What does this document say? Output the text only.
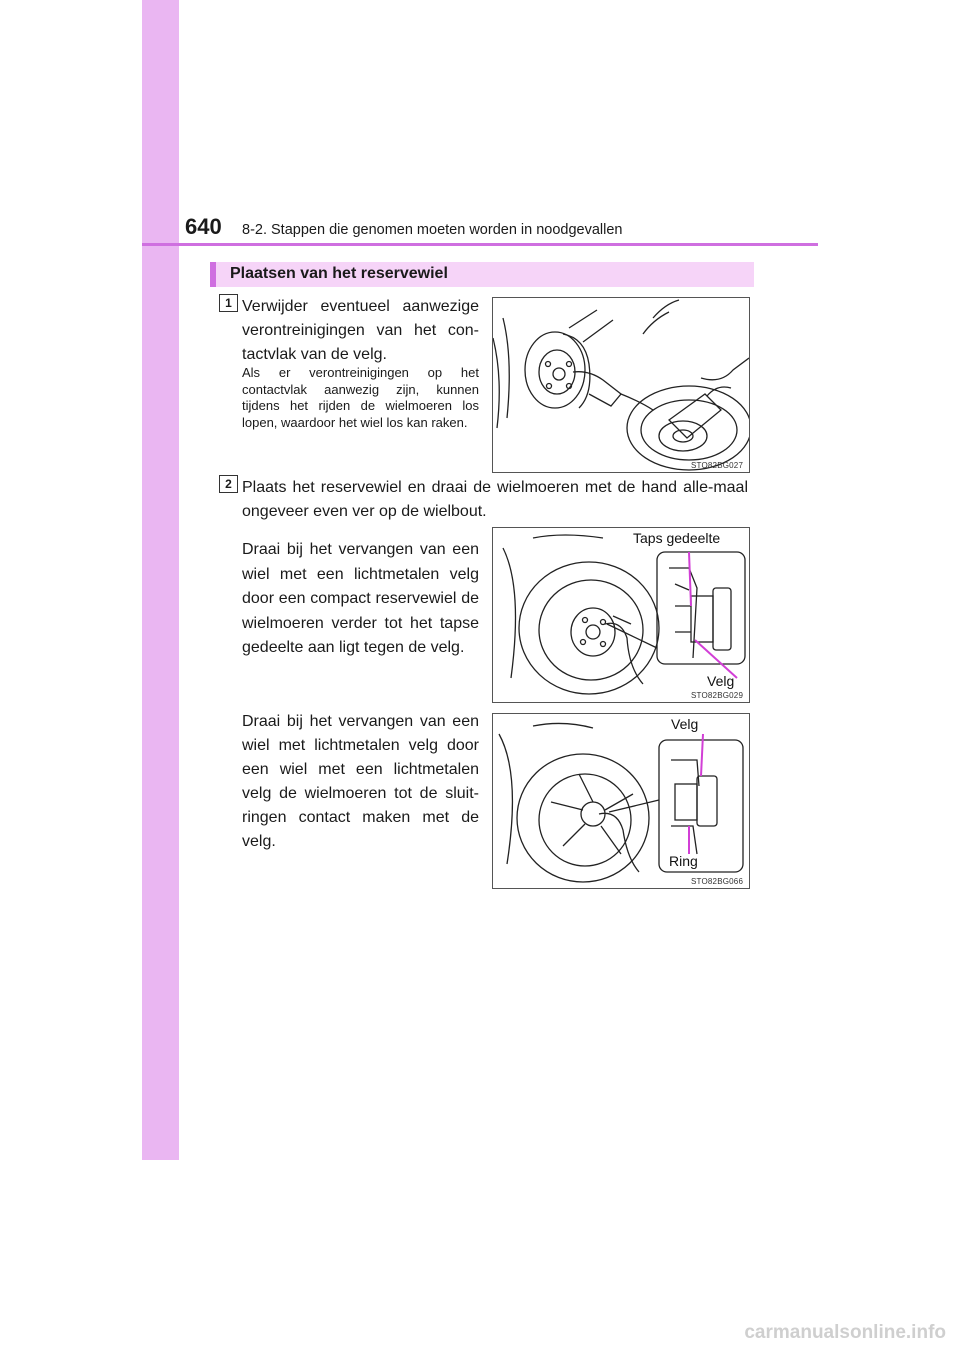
640 8-2. Stappen die genomen moeten worden in noodgevallen
Plaatsen van het reservewiel
1 Verwijder eventueel aanwezige verontreinigingen van het con-tactvlak van de velg.
Als er verontreinigingen op het contactvlak aanwezig zijn, kunnen tijdens het rijden de wielmoeren los lopen, waardoor het wiel los kan raken.
STO82BG027
2 Plaats het reservewiel en draai de wielmoeren met de hand alle-maal ongeveer even ver op de wielbout.
Draai bij het vervangen van een wiel met een lichtmetalen velg door een compact reservewiel de wielmoeren verder tot het tapse gedeelte aan ligt tegen de velg.
Taps gedeelte
Velg
STO82BG029
Draai bij het vervangen van een wiel met lichtmetalen velg door een wiel met een lichtmetalen velg de wielmoeren tot de sluit-ringen contact maken met de velg.
Velg
Ring
STO82BG066
carmanualsonline.info
